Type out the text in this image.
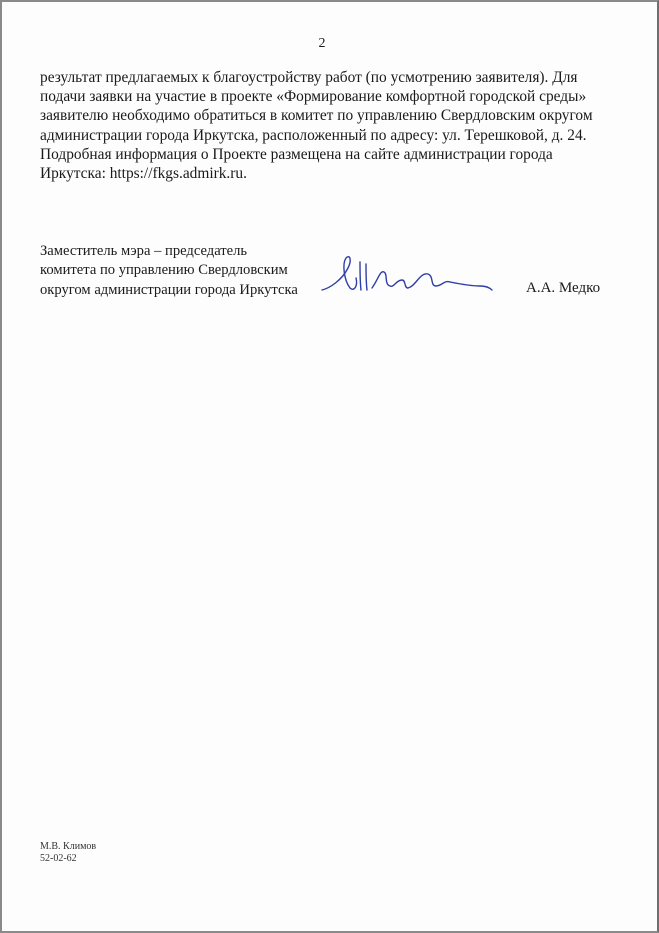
2

результат предлагаемых к благоустройству работ (по усмотрению заявителя). Для
подачи заявки на участие в проекте «Формирование комфортной городской среды»
заявителю необходимо обратиться в комитет по управлению Свердловским округом
администрации города Иркутска, расположенный по адресу: ул. Терешковой, д. 24.
Подробная информация о Проекте размещена на сайте администрации города
Иркутска: https://fkgs.admirk.ru.

Заместитель мэра – председатель
комитета по управлению Свердловским
округом администрации города Иркутска	А.А. Медко
М.В. Климов
52-02-62
